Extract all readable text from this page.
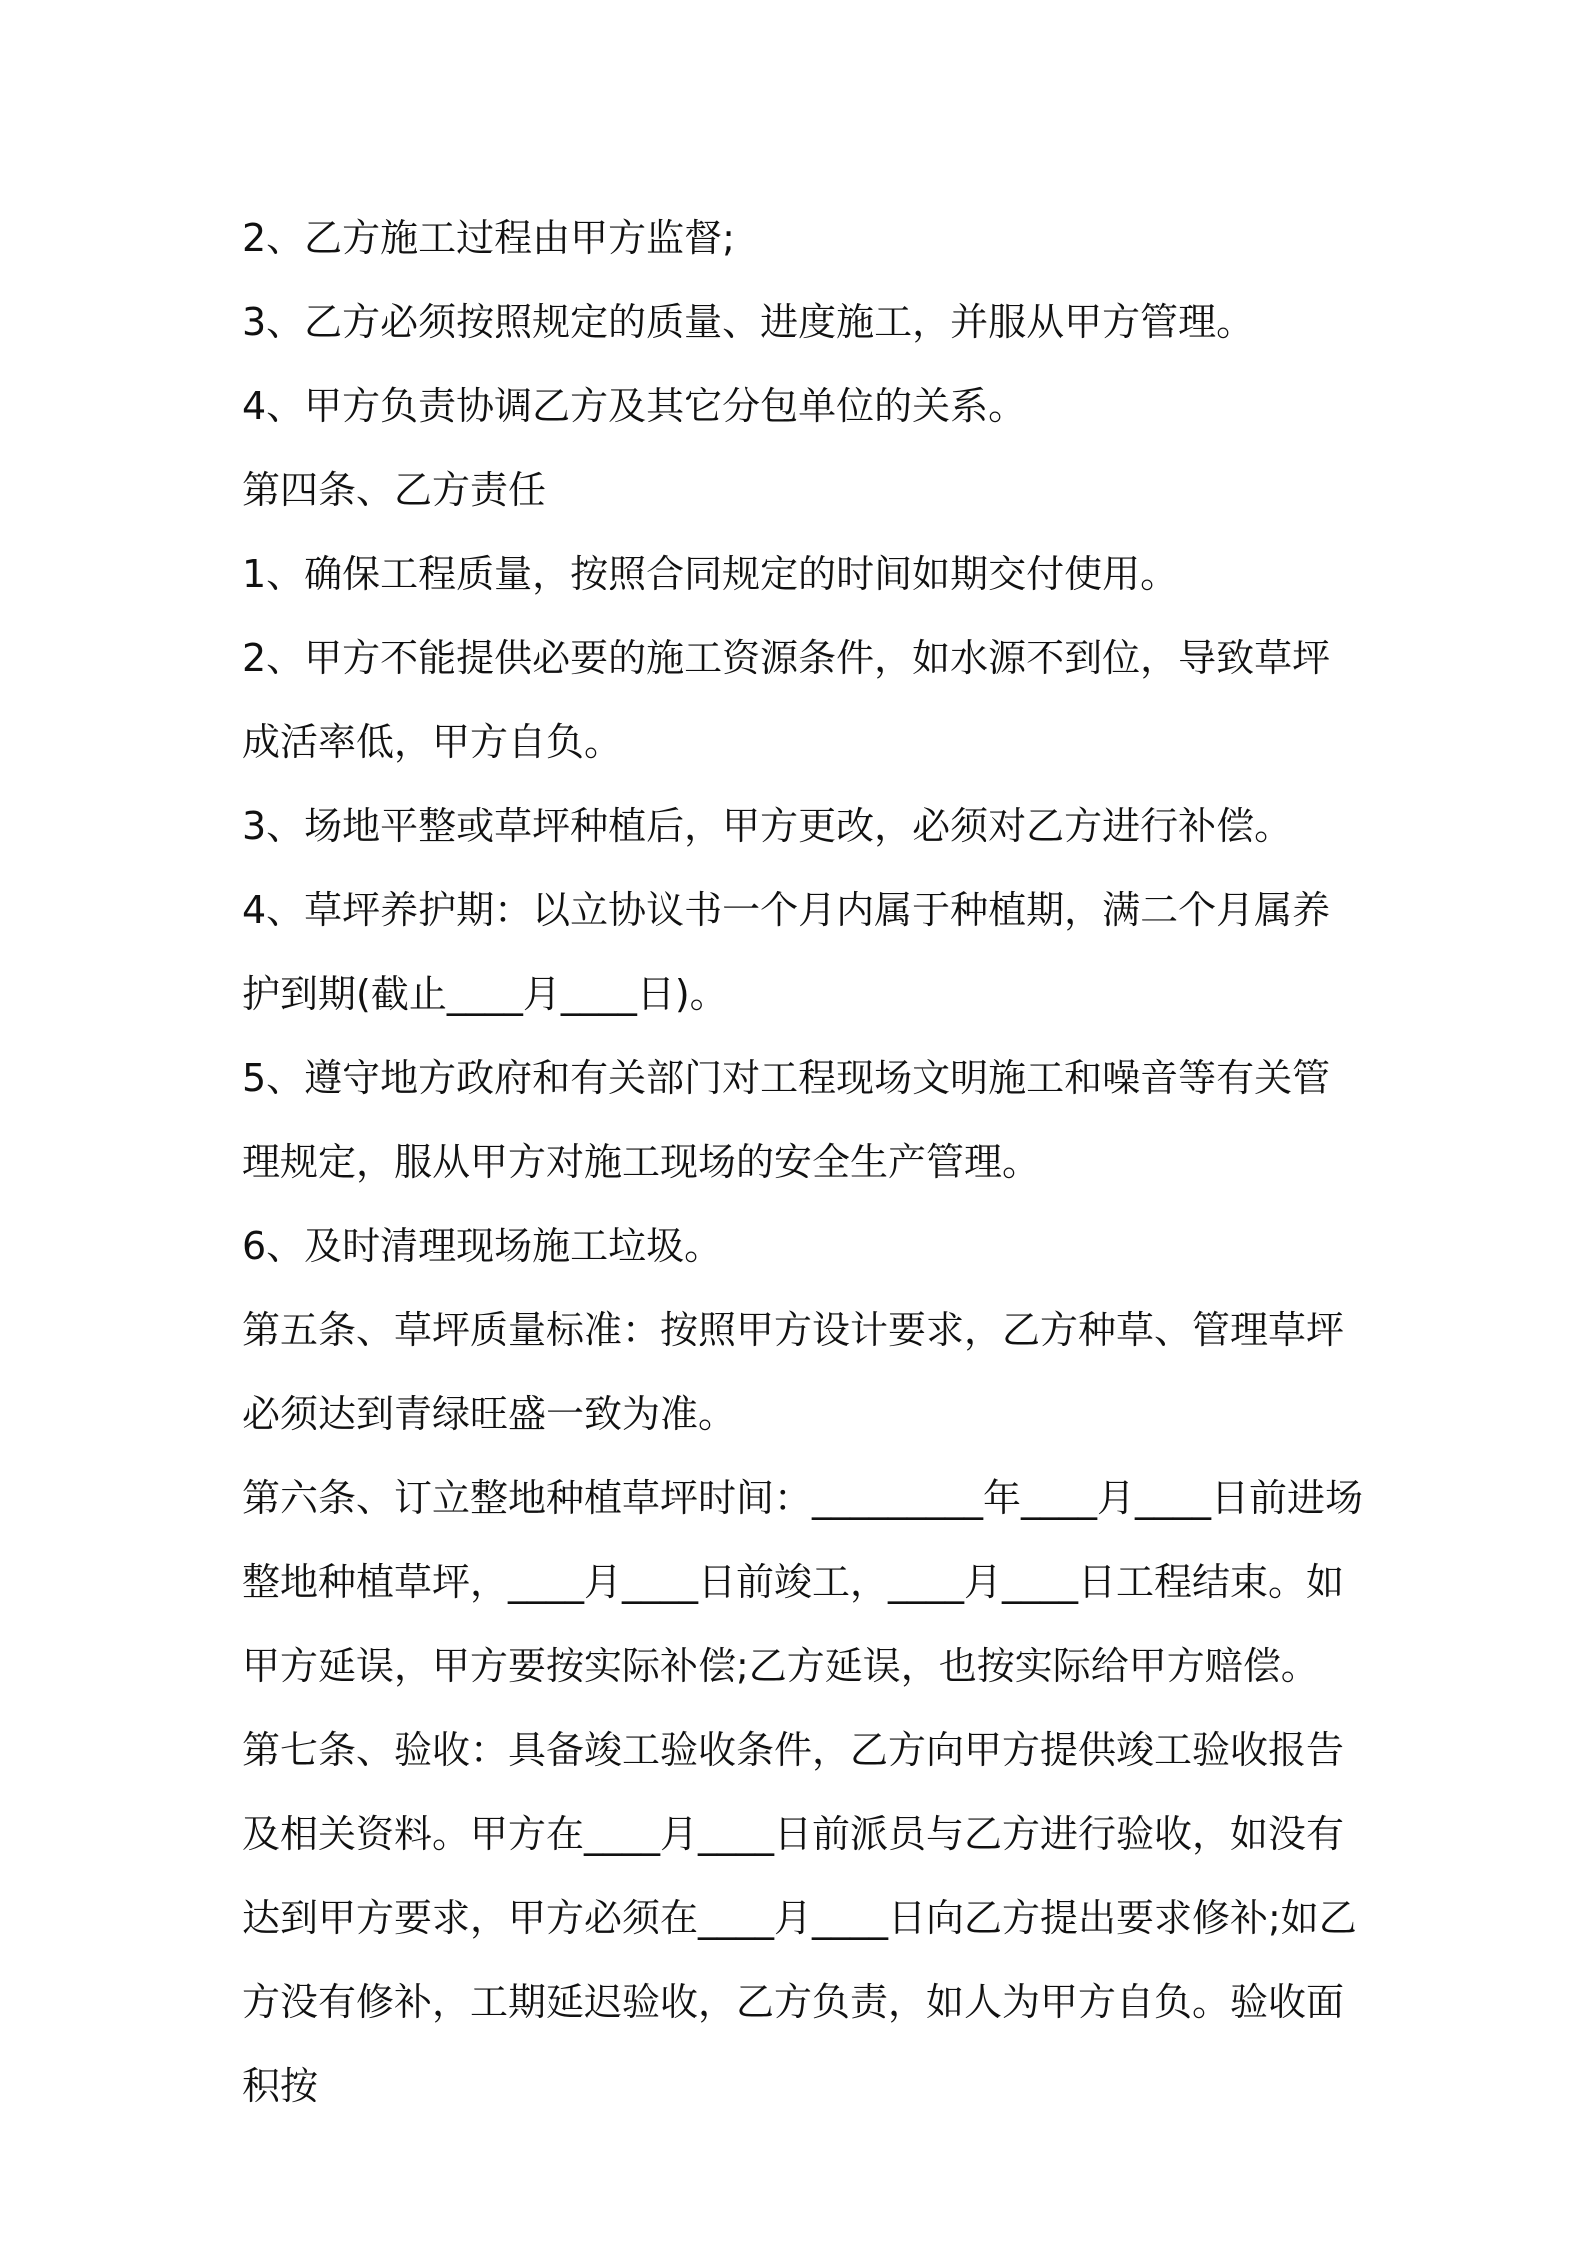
2、乙方施工过程由甲方监督;

3、乙方必须按照规定的质量、进度施工，并服从甲方管理。

4、甲方负责协调乙方及其它分包单位的关系。

第四条、乙方责任

1、确保工程质量，按照合同规定的时间如期交付使用。

2、甲方不能提供必要的施工资源条件，如水源不到位，导致草坪成活率低，甲方自负。

3、场地平整或草坪种植后，甲方更改，必须对乙方进行补偿。

4、草坪养护期：以立协议书一个月内属于种植期，满二个月属养护到期(截止____月____日)。

5、遵守地方政府和有关部门对工程现场文明施工和噪音等有关管理规定，服从甲方对施工现场的安全生产管理。

6、及时清理现场施工垃圾。

第五条、草坪质量标准：按照甲方设计要求，乙方种草、管理草坪必须达到青绿旺盛一致为准。

第六条、订立整地种植草坪时间：_________年____月____日前进场整地种植草坪，____月____日前竣工，____月____日工程结束。如甲方延误，甲方要按实际补偿;乙方延误，也按实际给甲方赔偿。

第七条、验收：具备竣工验收条件，乙方向甲方提供竣工验收报告及相关资料。甲方在____月____日前派员与乙方进行验收，如没有达到甲方要求，甲方必须在____月____日向乙方提出要求修补;如乙方没有修补，工期延迟验收，乙方负责，如人为甲方自负。验收面积按
